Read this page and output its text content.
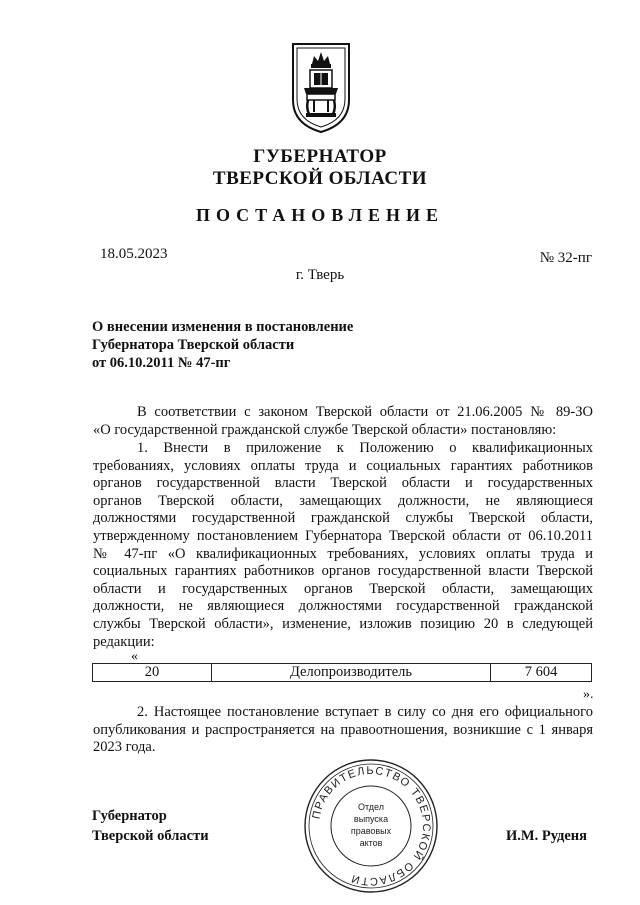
ГУБЕРНАТОР
ТВЕРСКОЙ ОБЛАСТИ
ПОСТАНОВЛЕНИЕ
18.05.2023	№ 32-пг
г. Тверь
О внесении изменения в постановление
Губернатора Тверской области
от 06.10.2011 № 47-пг
В соответствии с законом Тверской области от 21.06.2005 № 89-ЗО
«О государственной гражданской службе Тверской области» постановляю:
1. Внести в приложение к Положению о квалификационных
требованиях, условиях оплаты труда и социальных гарантиях работников
органов государственной власти Тверской области и государственных
органов Тверской области, замещающих должности, не являющиеся
должностями государственной гражданской службы Тверской области,
утвержденному постановлением Губернатора Тверской области от 06.10.2011
№ 47-пг «О квалификационных требованиях, условиях оплаты труда и
социальных гарантиях работников органов государственной власти Тверской
области и государственных органов Тверской области, замещающих
должности, не являющиеся должностями государственной гражданской
службы Тверской области», изменение, изложив позицию 20 в следующей
редакции:
«
20	Делопроизводитель	7 604
».
2. Настоящее постановление вступает в силу со дня его официального
опубликования и распространяется на правоотношения, возникшие с 1 января
2023 года.
Губернатор
Тверской области	И.М. Руденя
ПРАВИТЕЛЬСТВО ТВЕРСКОЙ ОБЛАСТИ
Отдел
выпуска
правовых
актов
